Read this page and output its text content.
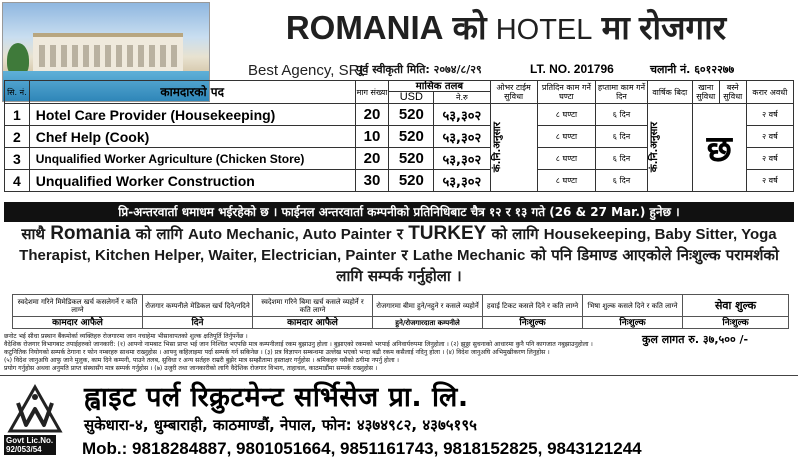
ROMANIA को HOTEL मा रोजगार
Best Agency, SRL
पूर्व स्वीकृती मिति: २०७४/८/२९	LT. NO. 201796	चलानी नं. ६०१२२७७
सि. नं.	कामदारको पद	माग संख्या	मासिक तलब		ओभर टाईम सुविधा	प्रतिदिन काम गर्ने घण्टा	हप्तामा काम गर्ने दिन	वार्षिक बिदा	खाना सुविधा	बस्ने सुविधा	करार अवधी
			USD	ने.रु							
1	Hotel Care Provider (Housekeeping)	20	520	५३,३०२	कं.नि.अनुसार	८ घण्टा	६ दिन	कं.नि.अनुसार	छ		२ वर्ष
2	Chef Help (Cook)	10	520	५३,३०२		८ घण्टा	६ दिन				२ वर्ष
3	Unqualified Worker Agriculture (Chicken Store)	20	520	५३,३०२		८ घण्टा	६ दिन				२ वर्ष
4	Unqualified Worker Construction	30	520	५३,३०२		८ घण्टा	६ दिन				२ वर्ष
प्रि-अन्तरवार्ता धमाधम भईरहेको छ । फाईनल अन्तरवार्ता कम्पनीको प्रतिनिधिबाट चैत्र १२ र १३ गते (26 & 27 Mar.) हुनेछ ।
साथै Romania को लागि Auto Mechanic, Auto Painter र TURKEY को लागि Housekeeping, Baby Sitter, Yoga Therapist, Kitchen Helper, Waiter, Electrician, Painter र Lathe Mechanic को पनि डिमाण्ड आएकोले निःशुल्क परामर्शको लागि सम्पर्क गर्नुहोला ।
स्वदेशमा गरिने मिमेडिकल खर्च कसलेगर्ने र कति लाग्ने	रोजगार कम्पनीले मेडिकल खर्च दिने/नदिने	स्वदेशमा गरिने बिमा खर्च कसले व्यहोर्ने र कति लाग्ने	रोजगारमा बीमा हुने/नहुने र कसले व्यहोर्ने	हवाई टिकट कसले दिने र कति लाग्ने	भिषा शुल्क कसले दिने र कति लाग्ने	सेवा शुल्क
कामदार आफैले	दिने	कामदार आफैले	हुने/रोजगारदाता कम्पनीले	निःशुल्क	निःशुल्क	निःशुल्क
छनोट भई सीधा प्रस्थान बैंकमोर्का व्यक्तिहरु रोजगारमा जान नचाहेमा भीसावापतको शुल्क क्षतिपूर्ति तिर्नुपर्नेछ ।
वैदेशिक रोजगार विभागबाट तपाईहरुको जानकारी: (१) आफ्नो नामबाट भिसा प्राप्त भई जान निश्चित भएपछि मात्र कम्पनीलाई रकम बुझाउनु होला । बुझाएको रकमको भरपाई अनिवार्यरुपमा लिनुहोला । (२) झुठ्ठा सुचनाको आधारमा कुनै पनि कागजात नबुझाउनुहोला ।
कटुनितिक नियोगको सम्पर्क ठेगाना र फोन नम्बरहरु साथमा राख्नुहोस । आफ्नु कहिलाइमा पर्दा सम्पर्क गर्न सकिनेछ । (३) प्रत्र विज्ञापन सम्बन्धमा उल्लेख भएको भन्दा बढी रकम कसैलाई नदिनु होला । (४) विदेश जानुअघि अभिमुखीकरण लिनुहोस ।
(५) विदेश जानुअघि आफु जाने मुलुक, काम दिने कम्पनी, पाउने तलब, सुविधा र अन्य सर्तहरु राम्ररी बुझेर मात्र सम्झौतामा हस्ताक्षर गर्नुहोस । श्रमिकहरु यसैको ठगीमा नपर्नु होला ।
प्रयोग गर्नुहोस अथवा अनुमति प्राप्त संस्थासँग मात्र सम्पर्क गर्नुहोस । (७) उजुरी तथा जानकारीको लागि वैदेशिक रोजगार विभाग, ताहाचल, काठमाडौंमा सम्पर्क राख्नुहोस ।
कुल लागत रु. ३७,५०० /-
Govt Lic.No. 92/053/54
ह्वाइट पर्ल रिक्रुटमेन्ट सर्भिसेज प्रा. लि.
सुकेधारा-४, धुम्बाराही, काठमाण्डौं, नेपाल, फोन: ४३७४९८२, ४३७५१९५
Mob.: 9818284887, 9801051664, 9851161743, 9818152825, 9843121244
